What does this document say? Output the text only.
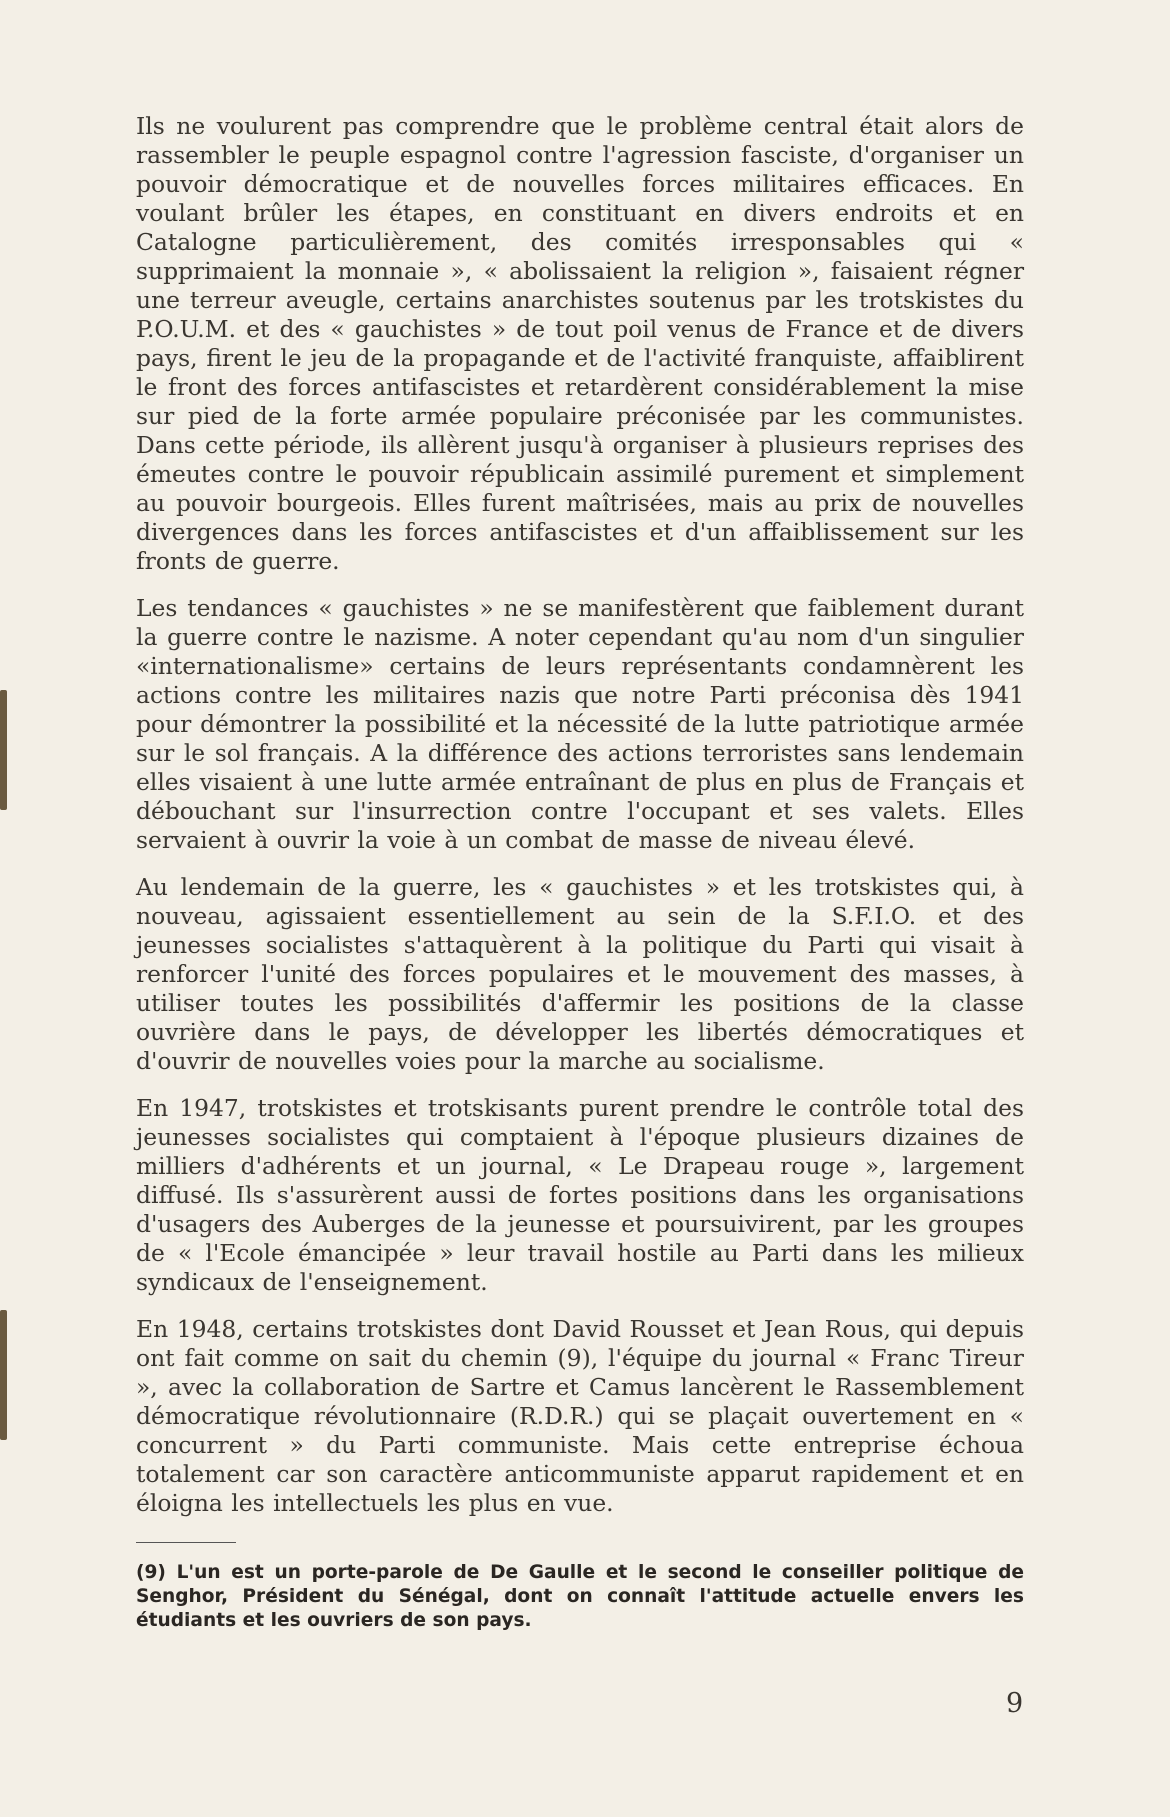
Ils ne voulurent pas comprendre que le problème central était alors de rassembler le peuple espagnol contre l'agression fasciste, d'organiser un pouvoir démocratique et de nouvelles forces militaires efficaces. En voulant brûler les étapes, en constituant en divers endroits et en Catalogne particulièrement, des comités irresponsables qui « supprimaient la monnaie », « abolissaient la religion », faisaient régner une terreur aveugle, certains anarchistes soutenus par les trotskistes du P.O.U.M. et des « gauchistes » de tout poil venus de France et de divers pays, firent le jeu de la propagande et de l'activité franquiste, affaiblirent le front des forces antifascistes et retardèrent considérablement la mise sur pied de la forte armée populaire préconisée par les communistes. Dans cette période, ils allèrent jusqu'à organiser à plusieurs reprises des émeutes contre le pouvoir républicain assimilé purement et simplement au pouvoir bourgeois. Elles furent maîtrisées, mais au prix de nouvelles divergences dans les forces antifascistes et d'un affaiblissement sur les fronts de guerre.

Les tendances « gauchistes » ne se manifestèrent que faiblement durant la guerre contre le nazisme. A noter cependant qu'au nom d'un singulier «internationalisme» certains de leurs représentants condamnèrent les actions contre les militaires nazis que notre Parti préconisa dès 1941 pour démontrer la possibilité et la nécessité de la lutte patriotique armée sur le sol français. A la différence des actions terroristes sans lendemain elles visaient à une lutte armée entraînant de plus en plus de Français et débouchant sur l'insurrection contre l'occupant et ses valets. Elles servaient à ouvrir la voie à un combat de masse de niveau élevé.

Au lendemain de la guerre, les « gauchistes » et les trotskistes qui, à nouveau, agissaient essentiellement au sein de la S.F.I.O. et des jeunesses socialistes s'attaquèrent à la politique du Parti qui visait à renforcer l'unité des forces populaires et le mouvement des masses, à utiliser toutes les possibilités d'affermir les positions de la classe ouvrière dans le pays, de développer les libertés démocratiques et d'ouvrir de nouvelles voies pour la marche au socialisme.

En 1947, trotskistes et trotskisants purent prendre le contrôle total des jeunesses socialistes qui comptaient à l'époque plusieurs dizaines de milliers d'adhérents et un journal, « Le Drapeau rouge », largement diffusé. Ils s'assurèrent aussi de fortes positions dans les organisations d'usagers des Auberges de la jeunesse et poursuivirent, par les groupes de « l'Ecole émancipée » leur travail hostile au Parti dans les milieux syndicaux de l'enseignement.

En 1948, certains trotskistes dont David Rousset et Jean Rous, qui depuis ont fait comme on sait du chemin (9), l'équipe du journal « Franc Tireur », avec la collaboration de Sartre et Camus lancèrent le Rassemblement démocratique révolutionnaire (R.D.R.) qui se plaçait ouvertement en « concurrent » du Parti communiste. Mais cette entreprise échoua totalement car son caractère anticommuniste apparut rapidement et en éloigna les intellectuels les plus en vue.

(9) L'un est un porte-parole de De Gaulle et le second le conseiller politique de Senghor, Président du Sénégal, dont on connaît l'attitude actuelle envers les étudiants et les ouvriers de son pays.

9
